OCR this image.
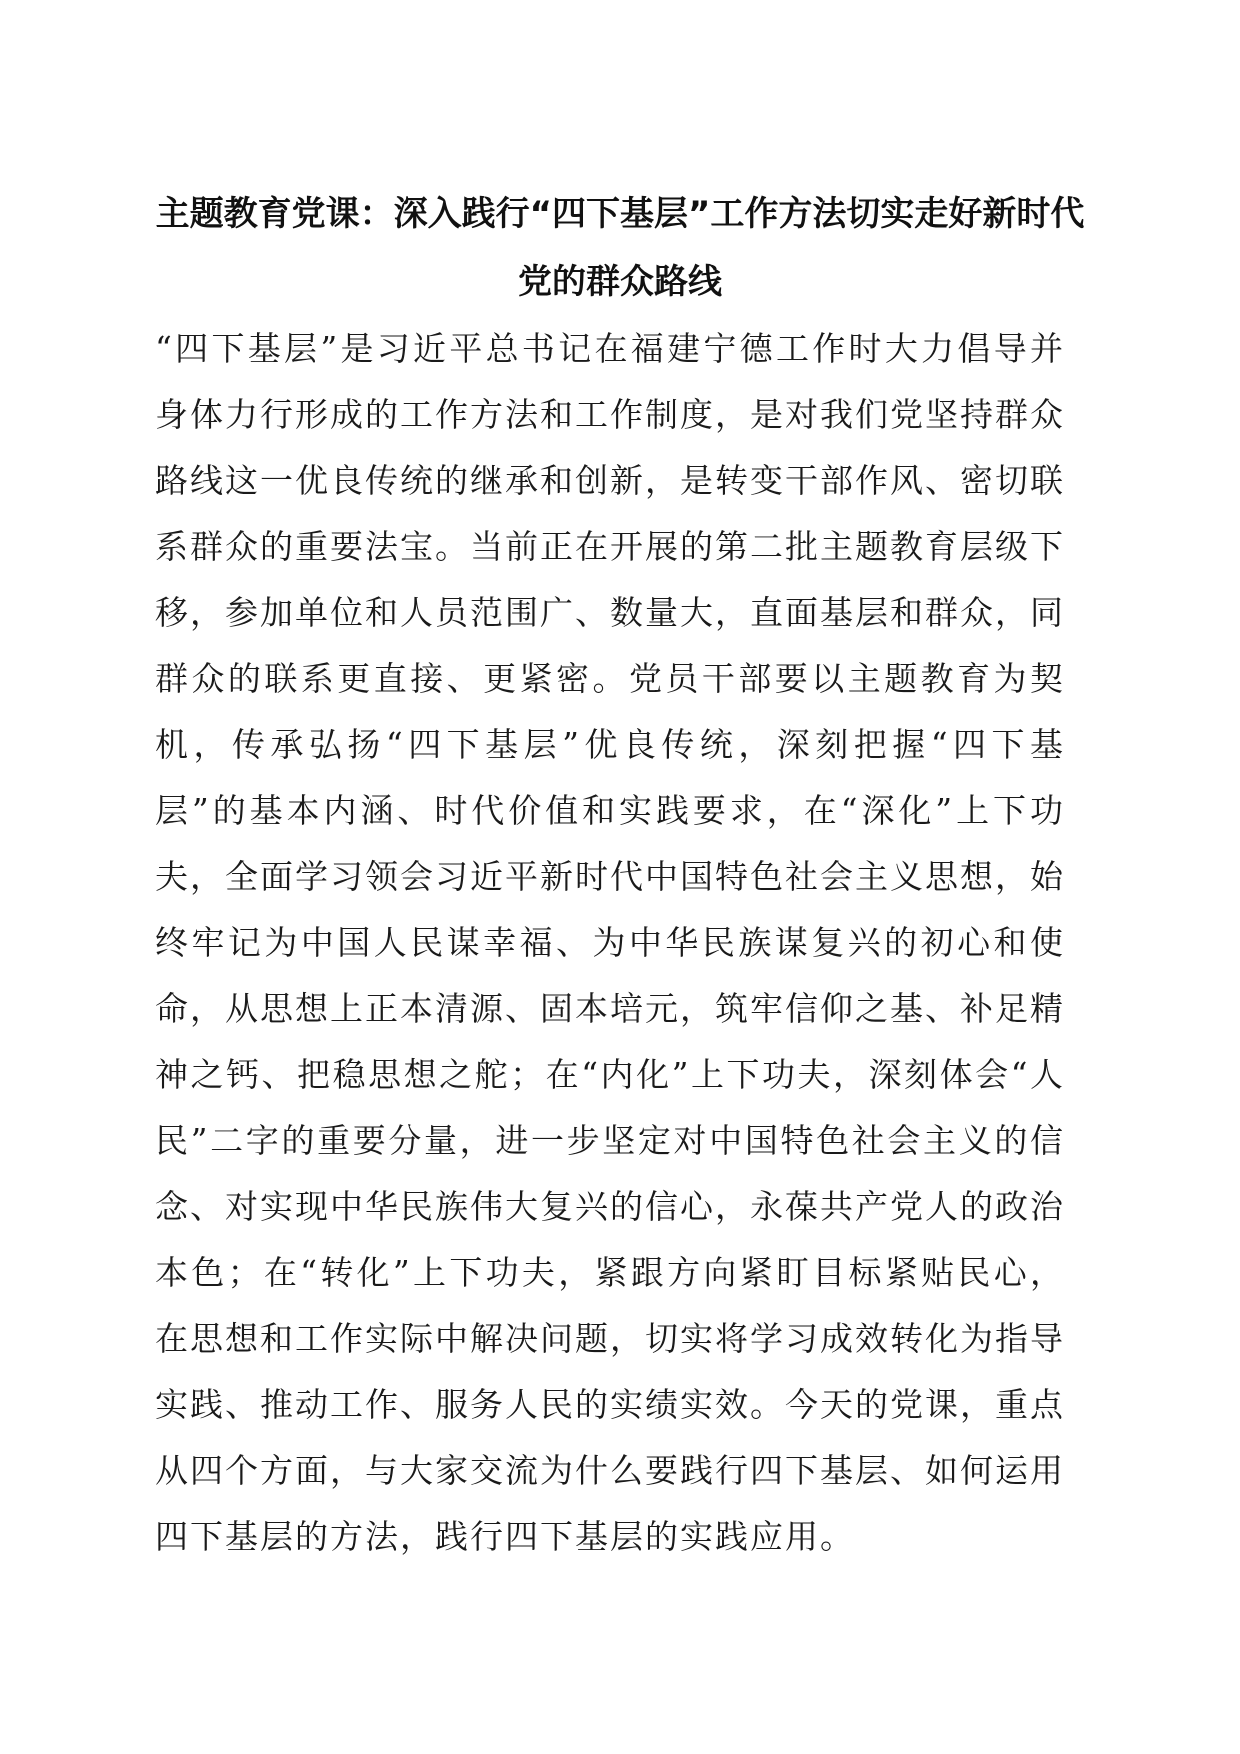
主题教育党课：深入践行“四下基层”工作方法切实走好新时代党的群众路线

“四下基层”是习近平总书记在福建宁德工作时大力倡导并身体力行形成的工作方法和工作制度，是对我们党坚持群众路线这一优良传统的继承和创新，是转变干部作风、密切联系群众的重要法宝。当前正在开展的第二批主题教育层级下移，参加单位和人员范围广、数量大，直面基层和群众，同群众的联系更直接、更紧密。党员干部要以主题教育为契机，传承弘扬“四下基层”优良传统，深刻把握“四下基层”的基本内涵、时代价值和实践要求，在“深化”上下功夫，全面学习领会习近平新时代中国特色社会主义思想，始终牢记为中国人民谋幸福、为中华民族谋复兴的初心和使命，从思想上正本清源、固本培元，筑牢信仰之基、补足精神之钙、把稳思想之舵；在“内化”上下功夫，深刻体会“人民”二字的重要分量，进一步坚定对中国特色社会主义的信念、对实现中华民族伟大复兴的信心，永葆共产党人的政治本色；在“转化”上下功夫，紧跟方向紧盯目标紧贴民心，在思想和工作实际中解决问题，切实将学习成效转化为指导实践、推动工作、服务人民的实绩实效。今天的党课，重点从四个方面，与大家交流为什么要践行四下基层、如何运用四下基层的方法，践行四下基层的实践应用。
